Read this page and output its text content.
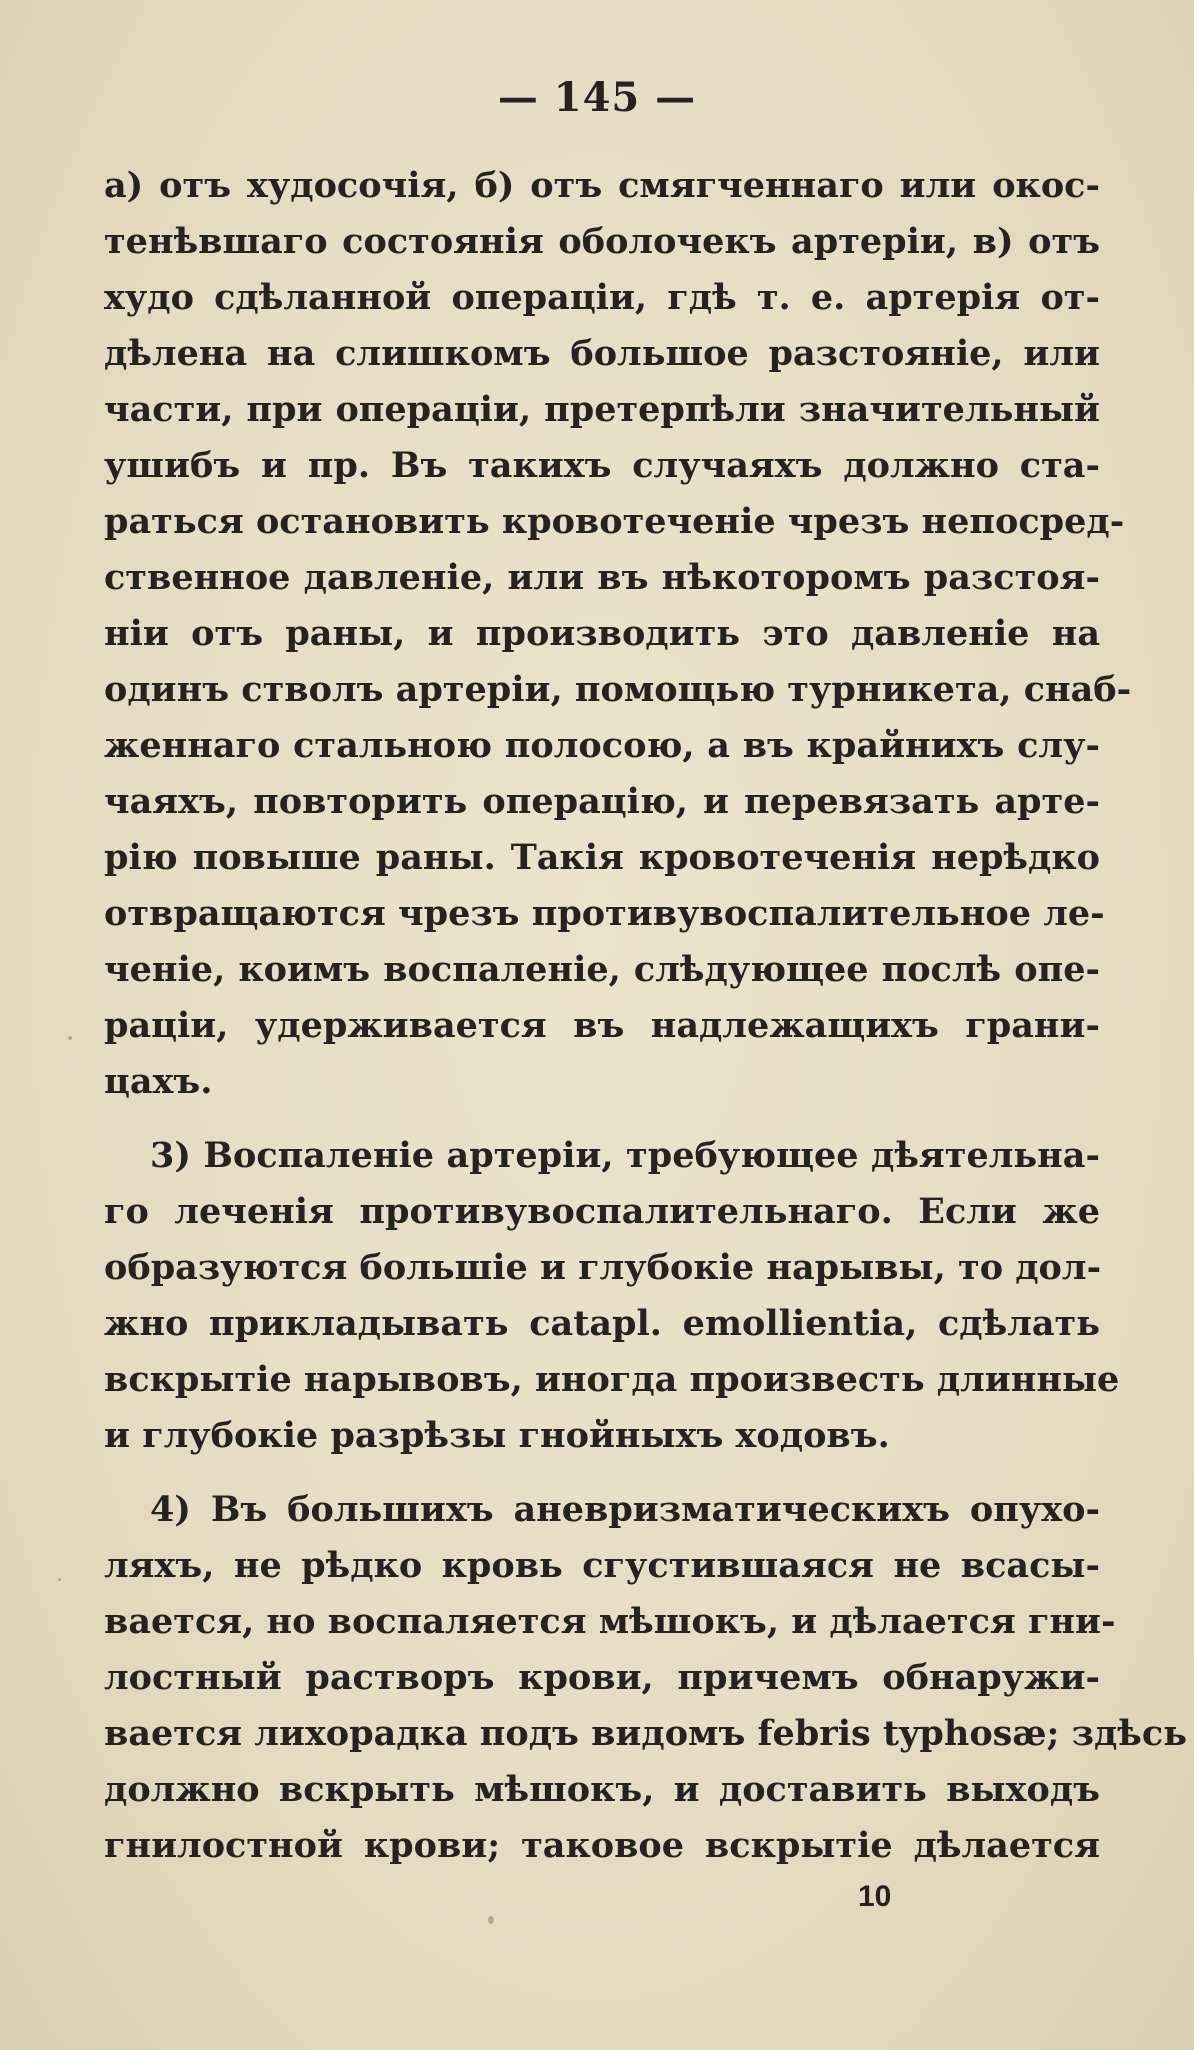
— 145 —
а) отъ худосочія, б) отъ смягченнаго или окос-
тенѣвшаго состоянія оболочекъ артеріи, в) отъ
худо сдѣланной операціи, гдѣ т. е. артерія от-
дѣлена на слишкомъ большое разстояніе, или
части, при операціи, претерпѣли значительный
ушибъ и пр. Въ такихъ случаяхъ должно ста-
раться остановить кровотеченіе чрезъ непосред-
ственное давленіе, или въ нѣкоторомъ разстоя-
ніи отъ раны, и производить это давленіе на
одинъ стволъ артеріи, помощью турникета, снаб-
женнаго стальною полосою, а въ крайнихъ слу-
чаяхъ, повторить операцію, и перевязать арте-
рію повыше раны. Такія кровотеченія нерѣдко
отвращаются чрезъ противувоспалительное ле-
ченіе, коимъ воспаленіе, слѣдующее послѣ опе-
раціи, удерживается въ надлежащихъ грани-
цахъ.
3) Воспаленіе артеріи, требующее дѣятельна-
го леченія противувоспалительнаго. Если же
образуются большіе и глубокіе нарывы, то дол-
жно прикладывать catapl. emollientia, сдѣлать
вскрытіе нарывовъ, иногда произвесть длинные
и глубокіе разрѣзы гнойныхъ ходовъ.
4) Въ большихъ аневризматическихъ опухо-
ляхъ, не рѣдко кровь сгустившаяся не всасы-
вается, но воспаляется мѣшокъ, и дѣлается гни-
лостный растворъ крови, причемъ обнаружи-
вается лихорадка подъ видомъ febris typhosæ; здѣсь
должно вскрыть мѣшокъ, и доставить выходъ
гнилостной крови; таковое вскрытіе дѣлается
10
